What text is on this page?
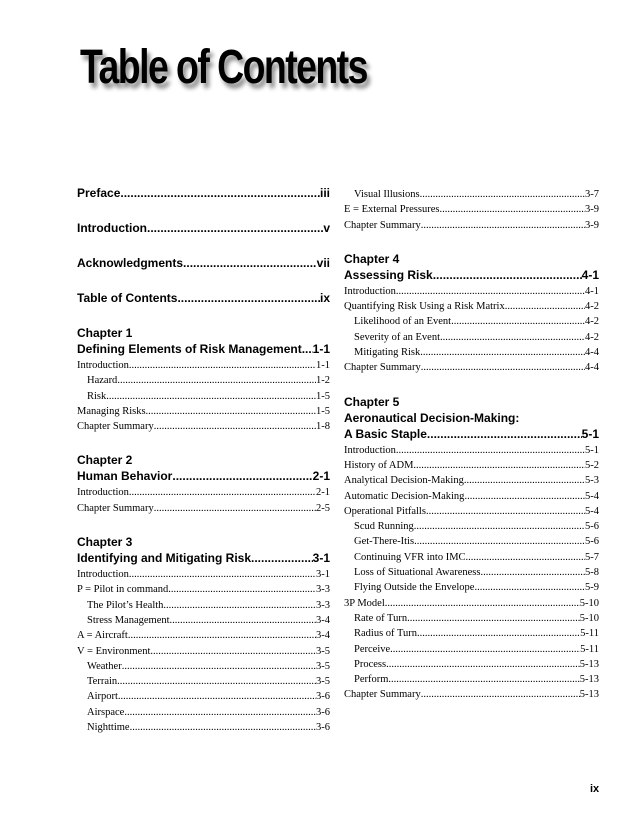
Table of Contents
Preface .....	iii
Introduction .....	v
Acknowledgments .....	vii
Table of Contents .....	ix
Chapter 1
Defining Elements of Risk Management ..... 1-1
Introduction .....	1-1
Hazard .....	1-2
Risk .....	1-5
Managing Risks .....	1-5
Chapter Summary .....	1-8
Chapter 2
Human Behavior .....	2-1
Introduction .....	2-1
Chapter Summary .....	2-5
Chapter 3
Identifying and Mitigating Risk .....	3-1
Introduction .....	3-1
P = Pilot in command .....	3-3
The Pilot’s Health .....	3-3
Stress Management .....	3-4
A = Aircraft .....	3-4
V = Environment .....	3-5
Weather .....	3-5
Terrain .....	3-5
Airport .....	3-6
Airspace .....	3-6
Nighttime .....	3-6
Visual Illusions .....	3-7
E = External Pressures .....	3-9
Chapter Summary .....	3-9
Chapter 4
Assessing Risk .....	4-1
Introduction .....	4-1
Quantifying Risk Using a Risk Matrix .....	4-2
Likelihood of an Event .....	4-2
Severity of an Event .....	4-2
Mitigating Risk .....	4-4
Chapter Summary .....	4-4
Chapter 5
Aeronautical Decision-Making:
A Basic Staple .....	5-1
Introduction .....	5-1
History of ADM .....	5-2
Analytical Decision-Making .....	5-3
Automatic Decision-Making .....	5-4
Operational Pitfalls .....	5-4
Scud Running .....	5-6
Get-There-Itis .....	5-6
Continuing VFR into IMC .....	5-7
Loss of Situational Awareness .....	5-8
Flying Outside the Envelope .....	5-9
3P Model .....	5-10
Rate of Turn .....	5-10
Radius of Turn .....	5-11
Perceive .....	5-11
Process .....	5-13
Perform .....	5-13
Chapter Summary .....	5-13
ix
